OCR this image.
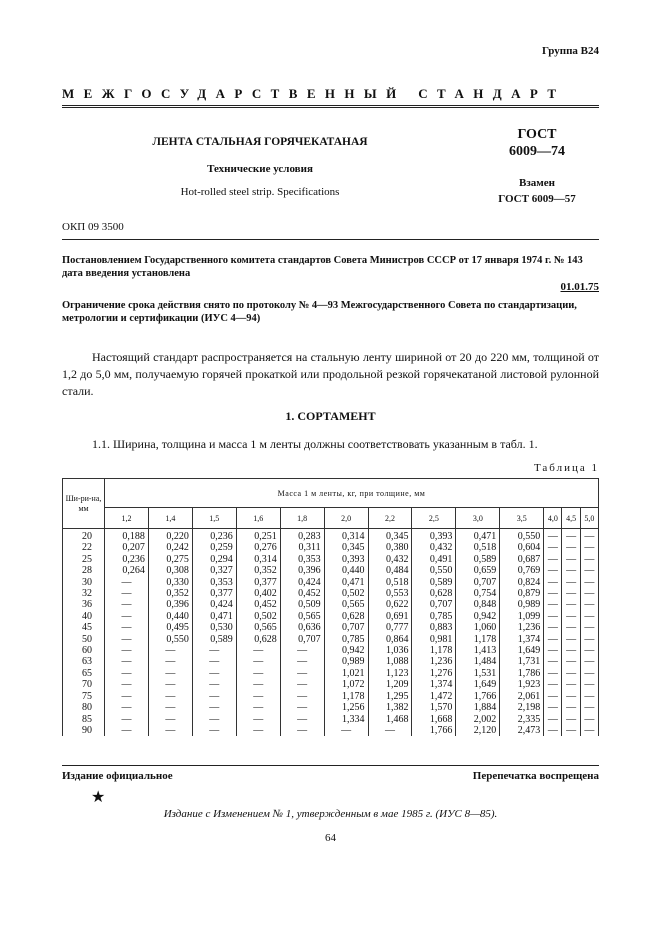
Группа В24
МЕЖГОСУДАРСТВЕННЫЙ СТАНДАРТ
ЛЕНТА СТАЛЬНАЯ ГОРЯЧЕКАТАНАЯ
Технические условия
Hot-rolled steel strip. Specifications
ГОСТ
6009—74
Взамен
ГОСТ 6009—57
ОКП 09 3500
Постановлением Государственного комитета стандартов Совета Министров СССР от 17 января 1974 г. № 143 дата введения установлена
01.01.75
Ограничение срока действия снято по протоколу № 4—93 Межгосударственного Совета по стандартизации, метрологии и сертификации (ИУС 4—94)
Настоящий стандарт распространяется на стальную ленту шириной от 20 до 220 мм, толщиной от 1,2 до 5,0 мм, получаемую горячей прокаткой или продольной резкой горячекатаной листовой рулонной стали.
1. СОРТАМЕНТ
1.1. Ширина, толщина и масса 1 м ленты должны соответствовать указанным в табл. 1.
Таблица 1
Ши-ри-на, мм	Масса 1 м ленты, кг, при толщине, мм												
	1,2	1,4	1,5	1,6	1,8	2,0	2,2	2,5	3,0	3,5	4,0	4,5	5,0
20	0,188	0,220	0,236	0,251	0,283	0,314	0,345	0,393	0,471	0,550	—	—	—
22	0,207	0,242	0,259	0,276	0,311	0,345	0,380	0,432	0,518	0,604	—	—	—
25	0,236	0,275	0,294	0,314	0,353	0,393	0,432	0,491	0,589	0,687	—	—	—
28	0,264	0,308	0,327	0,352	0,396	0,440	0,484	0,550	0,659	0,769	—	—	—
30	—	0,330	0,353	0,377	0,424	0,471	0,518	0,589	0,707	0,824	—	—	—
32	—	0,352	0,377	0,402	0,452	0,502	0,553	0,628	0,754	0,879	—	—	—
36	—	0,396	0,424	0,452	0,509	0,565	0,622	0,707	0,848	0,989	—	—	—
40	—	0,440	0,471	0,502	0,565	0,628	0,691	0,785	0,942	1,099	—	—	—
45	—	0,495	0,530	0,565	0,636	0,707	0,777	0,883	1,060	1,236	—	—	—
50	—	0,550	0,589	0,628	0,707	0,785	0,864	0,981	1,178	1,374	—	—	—
60	—	—	—	—	—	0,942	1,036	1,178	1,413	1,649	—	—	—
63	—	—	—	—	—	0,989	1,088	1,236	1,484	1,731	—	—	—
65	—	—	—	—	—	1,021	1,123	1,276	1,531	1,786	—	—	—
70	—	—	—	—	—	1,072	1,209	1,374	1,649	1,923	—	—	—
75	—	—	—	—	—	1,178	1,295	1,472	1,766	2,061	—	—	—
80	—	—	—	—	—	1,256	1,382	1,570	1,884	2,198	—	—	—
85	—	—	—	—	—	1,334	1,468	1,668	2,002	2,335	—	—	—
90	—	—	—	—	—	—	—	1,766	2,120	2,473	—	—	—
Издание официальное	Перепечатка воспрещена
★
Издание с Изменением № 1, утвержденным в мае 1985 г. (ИУС 8—85).
64
